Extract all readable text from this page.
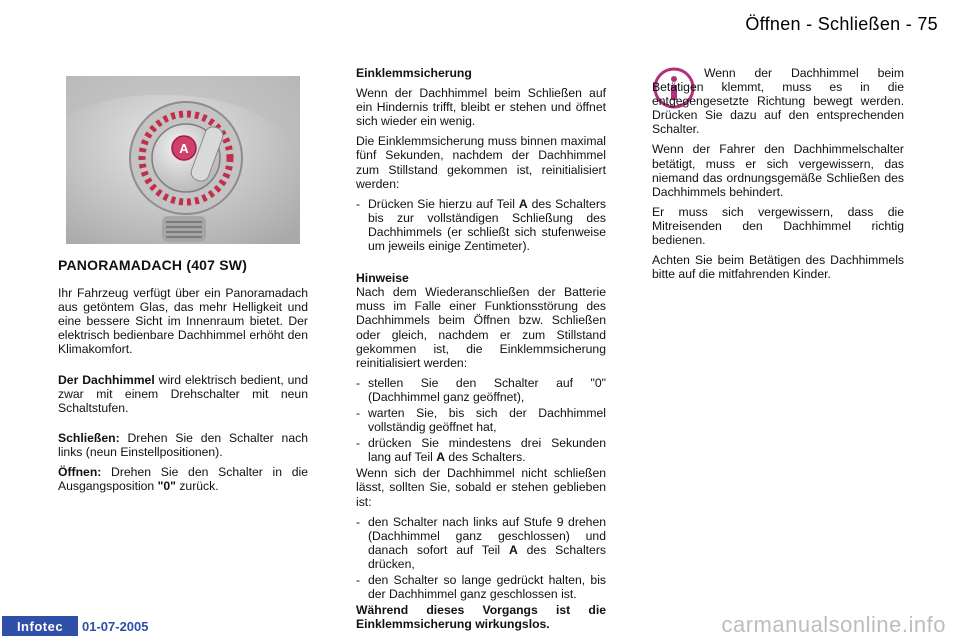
Öffnen - Schließen - 75
A
PANORAMADACH (407 SW)

Ihr Fahrzeug verfügt über ein Panoramadach aus getöntem Glas, das mehr Helligkeit und eine bessere Sicht im Innenraum bietet. Der elektrisch bedienbare Dachhimmel erhöht den Klimakomfort.

Der Dachhimmel wird elektrisch bedient, und zwar mit einem Drehschalter mit neun Schaltstufen.

Schließen: Drehen Sie den Schalter nach links (neun Einstellpositionen).

Öffnen: Drehen Sie den Schalter in die Ausgangsposition "0" zurück.

Einklemmsicherung

Wenn der Dachhimmel beim Schließen auf ein Hindernis trifft, bleibt er stehen und öffnet sich wieder ein wenig.

Die Einklemmsicherung muss binnen maximal fünf Sekunden, nachdem der Dachhimmel zum Stillstand gekommen ist, reinitialisiert werden:

- Drücken Sie hierzu auf Teil A des Schalters bis zur vollständigen Schließung des Dachhimmels (er schließt sich stufenweise um jeweils einige Zentimeter).
Hinweise

Nach dem Wiederanschließen der Batterie muss im Falle einer Funktionsstörung des Dachhimmels beim Öffnen bzw. Schließen oder gleich, nachdem er zum Stillstand gekommen ist, die Einklemmsicherung reinitialisiert werden:

- stellen Sie den Schalter auf "0" (Dachhimmel ganz geöffnet),
- warten Sie, bis sich der Dachhimmel vollständig geöffnet hat,
- drücken Sie mindestens drei Sekunden lang auf Teil A des Schalters.

Wenn sich der Dachhimmel nicht schließen lässt, sollten Sie, sobald er stehen geblieben ist:

- den Schalter nach links auf Stufe 9 drehen (Dachhimmel ganz geschlossen) und danach sofort auf Teil A des Schalters drücken,
- den Schalter so lange gedrückt halten, bis der Dachhimmel ganz geschlossen ist.

Während dieses Vorgangs ist die Einklemmsicherung wirkungslos.

Wenn der Dachhimmel beim Betätigen klemmt, muss es in die entgegengesetzte Richtung bewegt werden. Drücken Sie dazu auf den entsprechenden Schalter.

Wenn der Fahrer den Dachhimmelschalter betätigt, muss er sich vergewissern, das niemand das ordnungsgemäße Schließen des Dachhimmels behindert.

Er muss sich vergewissern, dass die Mitreisenden den Dachhimmel richtig bedienen.

Achten Sie beim Betätigen des Dachhimmels bitte auf die mitfahrenden Kinder.

Infotec	01-07-2005	carmanualsonline.info
